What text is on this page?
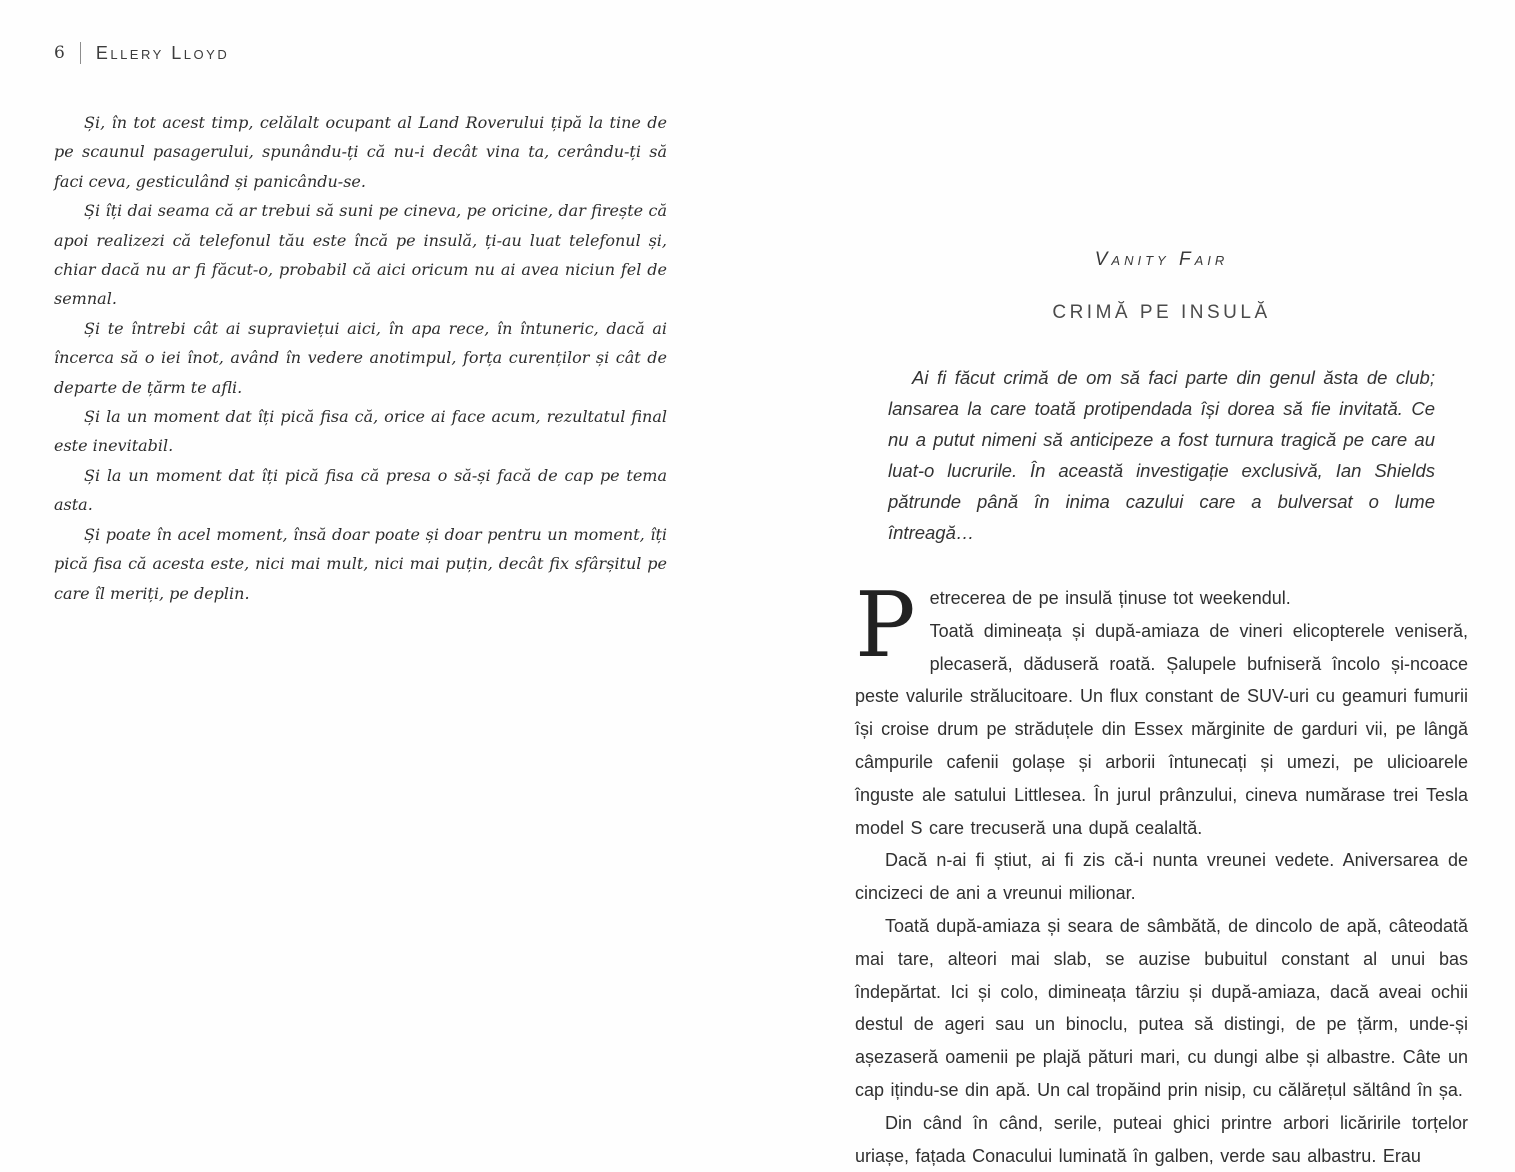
6 Ellery Lloyd

Și, în tot acest timp, celălalt ocupant al Land Roverului țipă la tine de pe scaunul pasagerului, spunându-ți că nu-i decât vina ta, cerându-ți să faci ceva, gesticulând și panicându-se.

Și îți dai seama că ar trebui să suni pe cineva, pe oricine, dar firește că apoi realizezi că telefonul tău este încă pe insulă, ți-au luat telefonul și, chiar dacă nu ar fi făcut-o, probabil că aici oricum nu ai avea niciun fel de semnal.

Și te întrebi cât ai supraviețui aici, în apa rece, în întuneric, dacă ai încerca să o iei înot, având în vedere anotimpul, forța curenților și cât de departe de țărm te afli.

Și la un moment dat îți pică fisa că, orice ai face acum, rezultatul final este inevitabil.

Și la un moment dat îți pică fisa că presa o să-și facă de cap pe tema asta.

Și poate în acel moment, însă doar poate și doar pentru un moment, îți pică fisa că acesta este, nici mai mult, nici mai puțin, decât fix sfârșitul pe care îl meriți, pe deplin.

Vanity Fair
CRIMĂ PE INSULĂ

Ai fi făcut crimă de om să faci parte din genul ăsta de club; lansarea la care toată protipendada își dorea să fie invitată. Ce nu a putut nimeni să anticipeze a fost turnura tragică pe care au luat-o lucrurile. În această investigație exclusivă, Ian Shields pătrunde până în inima cazului care a bulversat o lume întreagă…

Petrecerea de pe insulă ținuse tot weekendul.
Toată dimineața și după-amiaza de vineri elicopterele veniseră, plecaseră, dăduseră roată. Șalupele bufniseră încolo și-ncoace peste valurile strălucitoare. Un flux constant de SUV-uri cu geamuri fumurii își croise drum pe străduțele din Essex mărginite de garduri vii, pe lângă câmpurile cafenii golașe și arborii întunecați și umezi, pe ulicioarele înguste ale satului Littlesea. În jurul prânzului, cineva numărase trei Tesla model S care trecuseră una după cealaltă.

Dacă n-ai fi știut, ai fi zis că-i nunta vreunei vedete. Aniversarea de cincizeci de ani a vreunui milionar.

Toată după-amiaza și seara de sâmbătă, de dincolo de apă, câteodată mai tare, alteori mai slab, se auzise bubuitul constant al unui bas îndepărtat. Ici și colo, dimineața târziu și după-amiaza, dacă aveai ochii destul de ageri sau un binoclu, putea să distingi, de pe țărm, unde-și așezaseră oamenii pe plajă pături mari, cu dungi albe și albastre. Câte un cap ițindu-se din apă. Un cal tropăind prin nisip, cu călărețul săltând în șa.

Din când în când, serile, puteai ghici printre arbori licăririle torțelor uriașe, fațada Conacului luminată în galben, verde sau albastru. Erau
